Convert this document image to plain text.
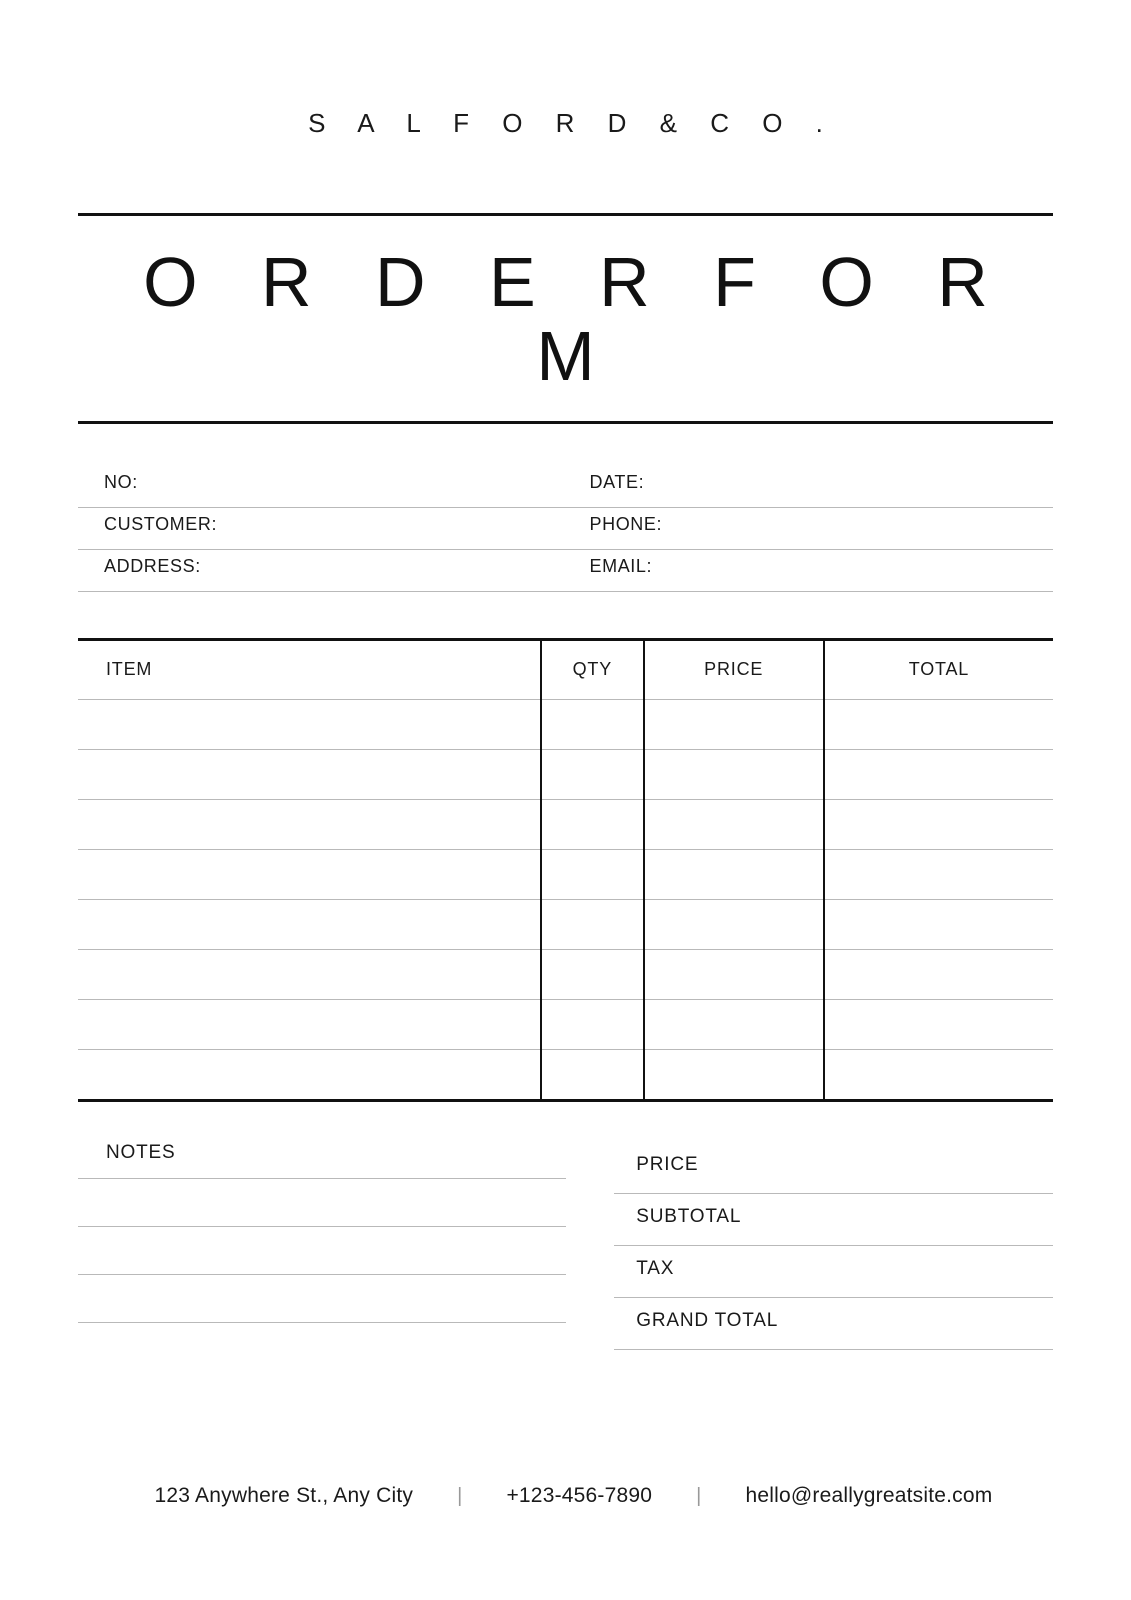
S A L F O R D & C O .
O R D E R F O R M
NO:	DATE:
CUSTOMER:	PHONE:
ADDRESS:	EMAIL:
ITEM	QTY	PRICE	TOTAL

NOTES
PRICE
SUBTOTAL
TAX
GRAND TOTAL
123 Anywhere St., Any City	|	+123-456-7890	|	hello@reallygreatsite.com
